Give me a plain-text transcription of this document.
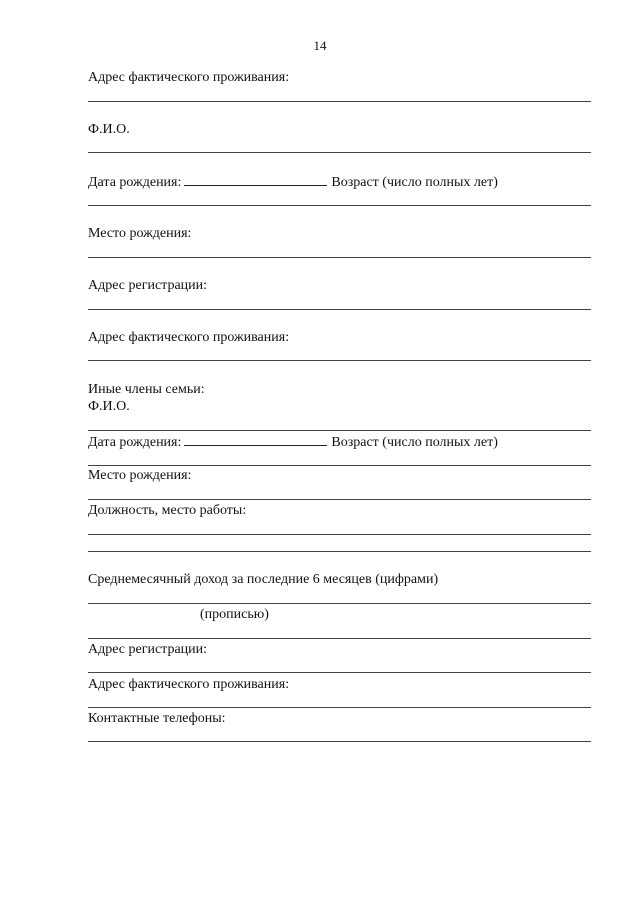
14
Адрес фактического проживания:
Ф.И.О.
Дата рождения:	Возраст (число полных лет)
Место рождения:
Адрес регистрации:
Адрес фактического проживания:
Иные члены семьи:
Ф.И.О.
Дата рождения:	Возраст (число полных лет)
Место рождения:
Должность, место работы:
Среднемесячный доход за последние 6 месяцев (цифрами)
(прописью)
Адрес регистрации:
Адрес фактического проживания:
Контактные телефоны:
